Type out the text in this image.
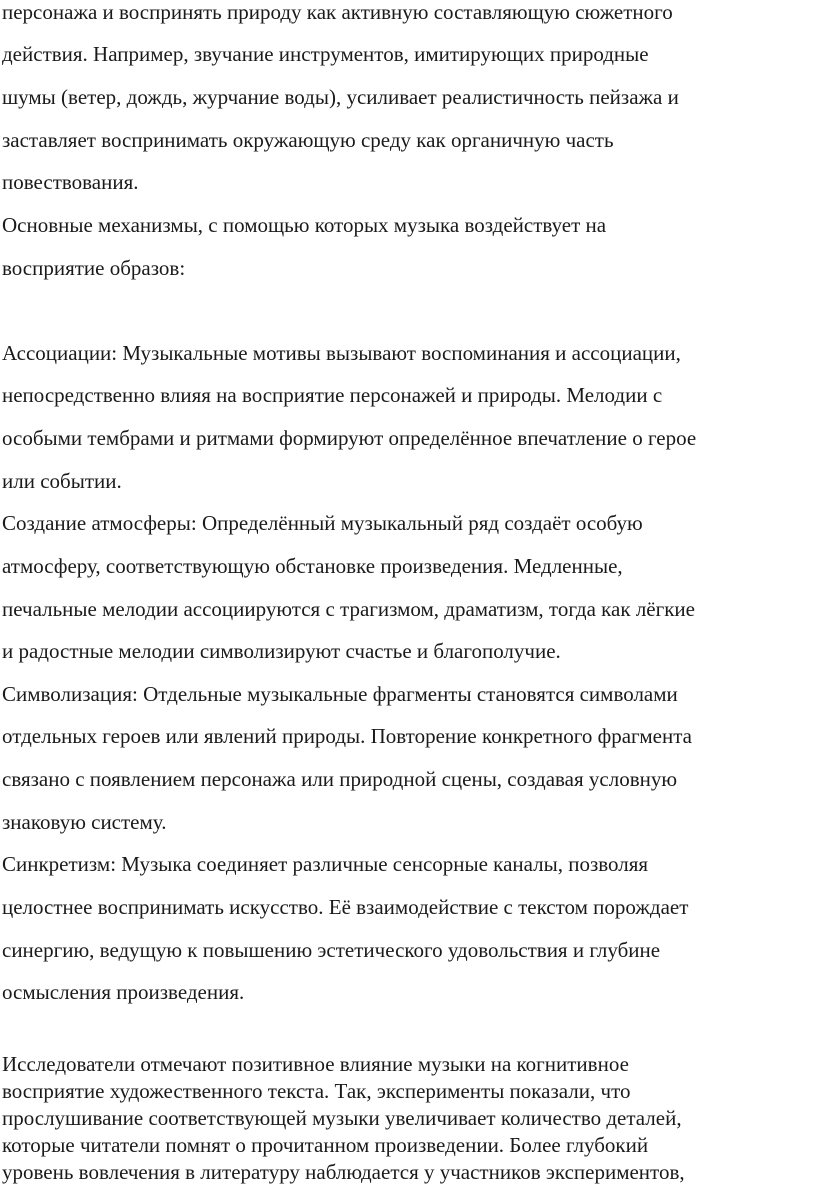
персонажа и воспринять природу как активную составляющую сюжетного
действия. Например, звучание инструментов, имитирующих природные
шумы (ветер, дождь, журчание воды), усиливает реалистичность пейзажа и
заставляет воспринимать окружающую среду как органичную часть
повествования.
Основные механизмы, с помощью которых музыка воздействует на
восприятие образов:
Ассоциации: Музыкальные мотивы вызывают воспоминания и ассоциации,
непосредственно влияя на восприятие персонажей и природы. Мелодии с
особыми тембрами и ритмами формируют определённое впечатление о герое
или событии.
Создание атмосферы: Определённый музыкальный ряд создаёт особую
атмосферу, соответствующую обстановке произведения. Медленные,
печальные мелодии ассоциируются с трагизмом, драматизм, тогда как лёгкие
и радостные мелодии символизируют счастье и благополучие.
Символизация: Отдельные музыкальные фрагменты становятся символами
отдельных героев или явлений природы. Повторение конкретного фрагмента
связано с появлением персонажа или природной сцены, создавая условную
знаковую систему.
Синкретизм: Музыка соединяет различные сенсорные каналы, позволяя
целостнее воспринимать искусство. Её взаимодействие с текстом порождает
синергию, ведущую к повышению эстетического удовольствия и глубине
осмысления произведения.
Исследователи отмечают позитивное влияние музыки на когнитивное
восприятие художественного текста. Так, эксперименты показали, что
прослушивание соответствующей музыки увеличивает количество деталей,
которые читатели помнят о прочитанном произведении. Более глубокий
уровень вовлечения в литературу наблюдается у участников экспериментов,
